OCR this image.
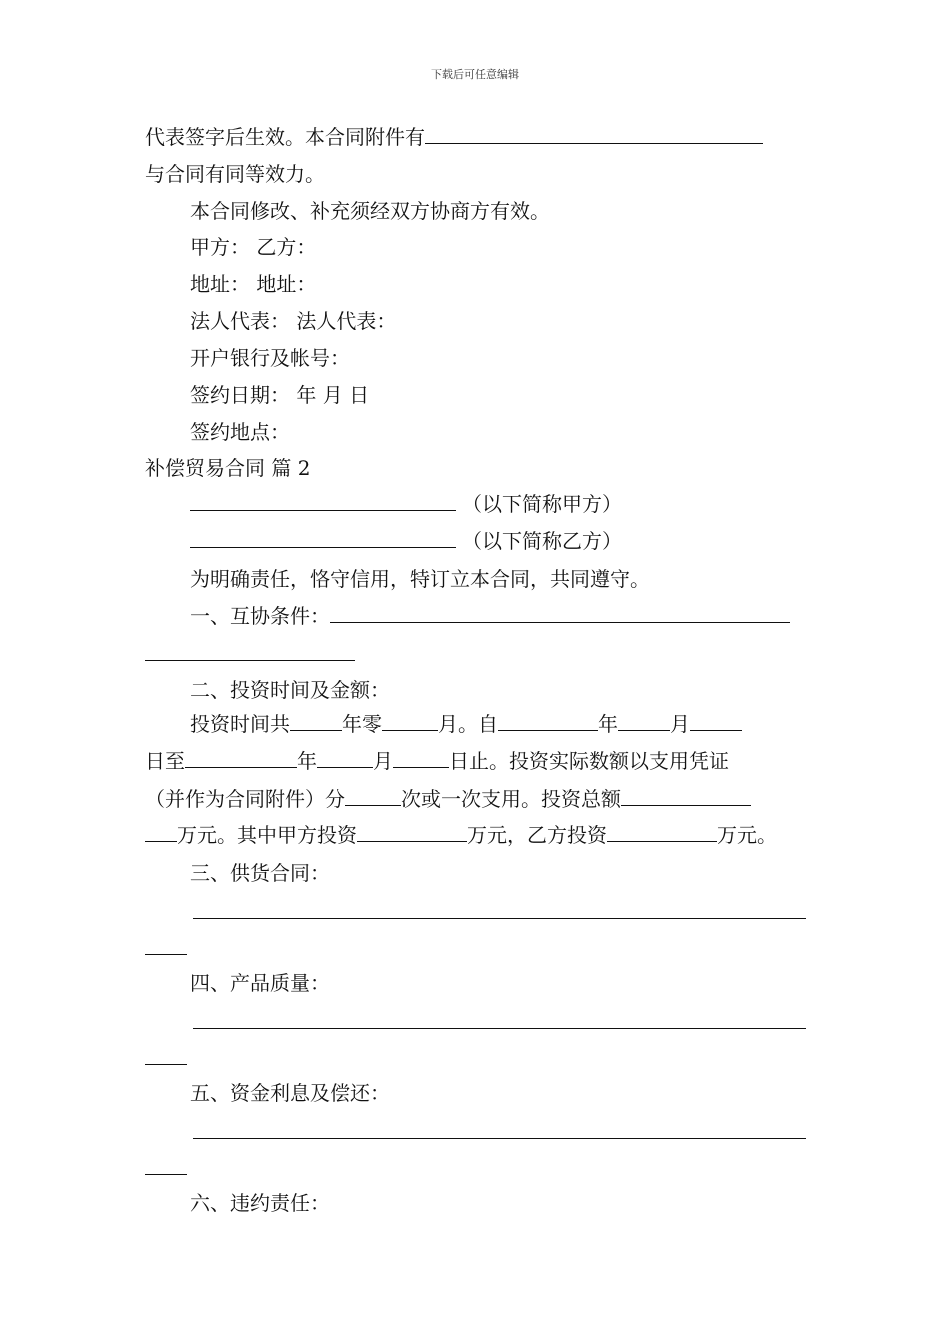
下载后可任意编辑
代表签字后生效。本合同附件有
与合同有同等效力。
本合同修改、补充须经双方协商方有效。
甲方： 乙方：
地址： 地址：
法人代表： 法人代表：
开户银行及帐号：
签约日期： 年 月 日
签约地点：
补偿贸易合同 篇 2
（以下简称甲方）
（以下简称乙方）
为明确责任，恪守信用，特订立本合同，共同遵守。
一、互协条件：
二、投资时间及金额：
投资时间共	年零	月。自	年	月
日至	年	月	日止。投资实际数额以支用凭证
（并作为合同附件）分	次或一次支用。投资总额
万元。其中甲方投资	万元，乙方投资	万元。
三、供货合同：
四、产品质量：
五、资金利息及偿还：
六、违约责任：
